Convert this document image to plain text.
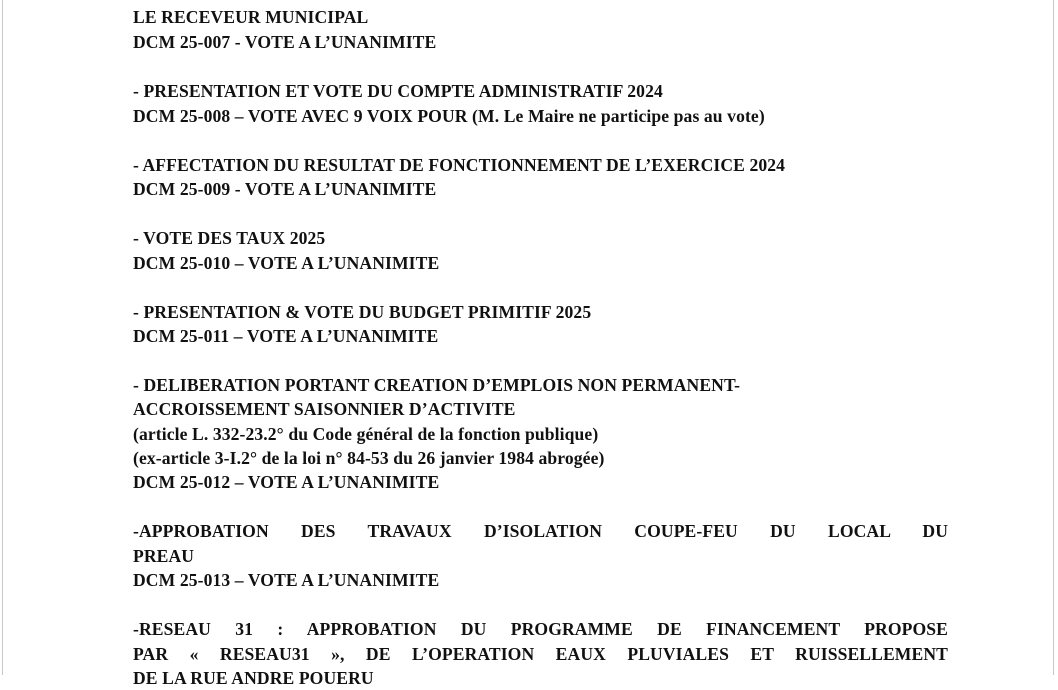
LE RECEVEUR MUNICIPAL
DCM 25-007 - VOTE A L’UNANIMITE
- PRESENTATION ET VOTE DU COMPTE ADMINISTRATIF 2024
DCM 25-008 – VOTE AVEC 9 VOIX POUR (M. Le Maire ne participe pas au vote)
- AFFECTATION DU RESULTAT DE FONCTIONNEMENT DE L’EXERCICE 2024
DCM 25-009 - VOTE A L’UNANIMITE
- VOTE DES TAUX 2025
DCM 25-010 – VOTE A L’UNANIMITE
- PRESENTATION & VOTE DU BUDGET PRIMITIF 2025
DCM 25-011 – VOTE A L’UNANIMITE
- DELIBERATION PORTANT CREATION D’EMPLOIS NON PERMANENT-
ACCROISSEMENT SAISONNIER D’ACTIVITE
(article L. 332-23.2° du Code général de la fonction publique)
(ex-article 3-I.2° de la loi n° 84-53 du 26 janvier 1984 abrogée)
DCM 25-012 – VOTE A L’UNANIMITE
-APPROBATION DES TRAVAUX D’ISOLATION COUPE-FEU DU LOCAL DU
PREAU
DCM 25-013 – VOTE A L’UNANIMITE
-RESEAU 31 : APPROBATION DU PROGRAMME DE FINANCEMENT PROPOSE
PAR « RESEAU31 », DE L’OPERATION EAUX PLUVIALES ET RUISSELLEMENT
DE LA RUE ANDRE POUERU
